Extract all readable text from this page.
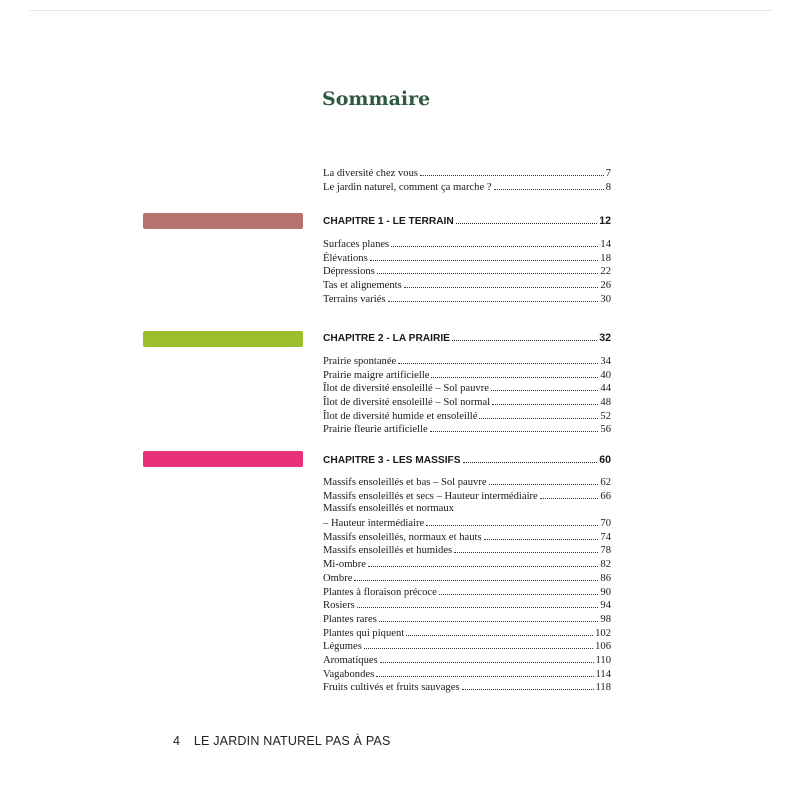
Sommaire
La diversité chez vous	7
Le jardin naturel, comment ça marche ?	8
CHAPITRE 1 - LE TERRAIN	12
Surfaces planes	14
Élévations	18
Dépressions	22
Tas et alignements	26
Terrains variés	30
CHAPITRE 2 - LA PRAIRIE	32
Prairie spontanée	34
Prairie maigre artificielle	40
Îlot de diversité ensoleillé – Sol pauvre	44
Îlot de diversité ensoleillé – Sol normal	48
Îlot de diversité humide et ensoleillé	52
Prairie fleurie artificielle	56
CHAPITRE 3 - LES MASSIFS	60
Massifs ensoleillés et bas – Sol pauvre	62
Massifs ensoleillés et secs – Hauteur intermédiaire	66
Massifs ensoleillés et normaux
– Hauteur intermédiaire	70
Massifs ensoleillés, normaux et hauts	74
Massifs ensoleillés et humides	78
Mi-ombre	82
Ombre	86
Plantes à floraison précoce	90
Rosiers	94
Plantes rares	98
Plantes qui piquent	102
Légumes	106
Aromatiques	110
Vagabondes	114
Fruits cultivés et fruits sauvages	118
4 LE JARDIN NATUREL PAS À PAS
